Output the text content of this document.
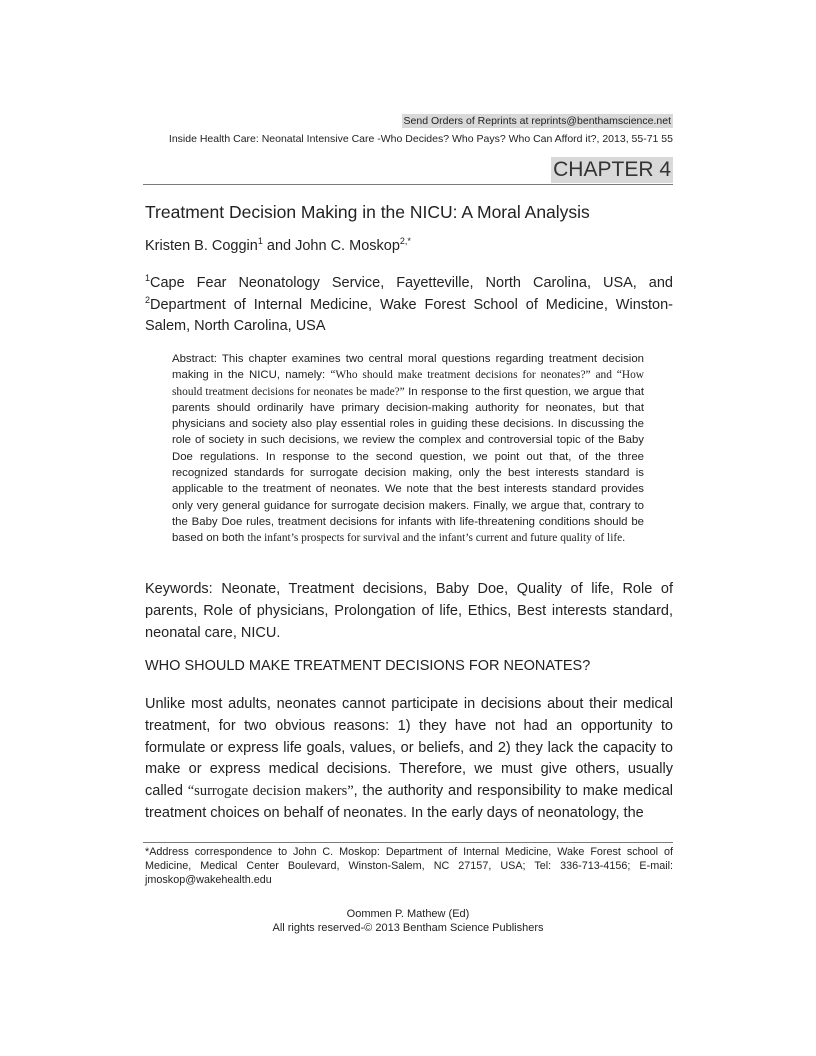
Send Orders of Reprints at reprints@benthamscience.net
Inside Health Care: Neonatal Intensive Care -Who Decides? Who Pays? Who Can Afford it?, 2013, 55-71 55
CHAPTER 4
Treatment Decision Making in the NICU: A Moral Analysis
Kristen B. Coggin$^1$ and John C. Moskop$^{2,*}$
$^1$Cape Fear Neonatology Service, Fayetteville, North Carolina, USA, and $^2$Department of Internal Medicine, Wake Forest School of Medicine, Winston-Salem, North Carolina, USA
Abstract: This chapter examines two central moral questions regarding treatment decision making in the NICU, namely: “Who should make treatment decisions for neonates?” and “How should treatment decisions for neonates be made?” In response to the first question, we argue that parents should ordinarily have primary decision-making authority for neonates, but that physicians and society also play essential roles in guiding these decisions. In discussing the role of society in such decisions, we review the complex and controversial topic of the Baby Doe regulations. In response to the second question, we point out that, of the three recognized standards for surrogate decision making, only the best interests standard is applicable to the treatment of neonates. We note that the best interests standard provides only very general guidance for surrogate decision makers. Finally, we argue that, contrary to the Baby Doe rules, treatment decisions for infants with life-threatening conditions should be based on both the infant’s prospects for survival and the infant’s current and future quality of life.
Keywords: Neonate, Treatment decisions, Baby Doe, Quality of life, Role of parents, Role of physicians, Prolongation of life, Ethics, Best interests standard, neonatal care, NICU.
WHO SHOULD MAKE TREATMENT DECISIONS FOR NEONATES?
Unlike most adults, neonates cannot participate in decisions about their medical treatment, for two obvious reasons: 1) they have not had an opportunity to formulate or express life goals, values, or beliefs, and 2) they lack the capacity to make or express medical decisions. Therefore, we must give others, usually called “surrogate decision makers”, the authority and responsibility to make medical treatment choices on behalf of neonates. In the early days of neonatology, the
*Address correspondence to John C. Moskop: Department of Internal Medicine, Wake Forest school of Medicine, Medical Center Boulevard, Winston-Salem, NC 27157, USA; Tel: 336-713-4156; E-mail: jmoskop@wakehealth.edu
Oommen P. Mathew (Ed)
All rights reserved-© 2013 Bentham Science Publishers
